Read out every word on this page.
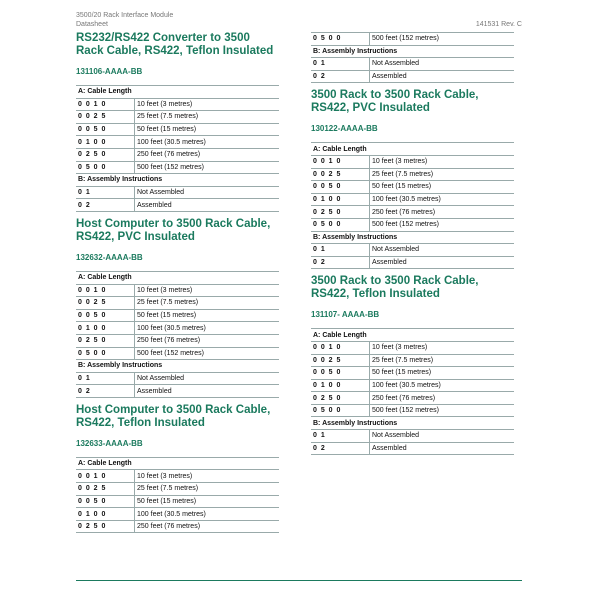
3500/20 Rack Interface Module
Datasheet	141531 Rev. C
RS232/RS422 Converter to 3500 Rack Cable, RS422, Teflon Insulated
131106-AAAA-BB
A: Cable Length	
0 0 1 0	10 feet (3 metres)
0 0 2 5	25 feet (7.5 metres)
0 0 5 0	50 feet (15 metres)
0 1 0 0	100 feet (30.5 metres)
0 2 5 0	250 feet (76 metres)
0 5 0 0	500 feet (152 metres)
B: Assembly Instructions	
0 1	Not Assembled
0 2	Assembled
Host Computer to 3500 Rack Cable, RS422, PVC Insulated
132632-AAAA-BB
A: Cable Length	
0 0 1 0	10 feet (3 metres)
0 0 2 5	25 feet (7.5 metres)
0 0 5 0	50 feet (15 metres)
0 1 0 0	100 feet (30.5 metres)
0 2 5 0	250 feet (76 metres)
0 5 0 0	500 feet (152 metres)
B: Assembly Instructions	
0 1	Not Assembled
0 2	Assembled
Host Computer to 3500 Rack Cable, RS422, Teflon Insulated
132633-AAAA-BB
A: Cable Length	
0 0 1 0	10 feet (3 metres)
0 0 2 5	25 feet (7.5 metres)
0 0 5 0	50 feet (15 metres)
0 1 0 0	100 feet (30.5 metres)
0 2 5 0	250 feet (76 metres)
0 5 0 0	500 feet (152 metres)
B: Assembly Instructions	
0 1	Not Assembled
0 2	Assembled
3500 Rack to 3500 Rack Cable, RS422, PVC Insulated
130122-AAAA-BB
A: Cable Length	
0 0 1 0	10 feet (3 metres)
0 0 2 5	25 feet (7.5 metres)
0 0 5 0	50 feet (15 metres)
0 1 0 0	100 feet (30.5 metres)
0 2 5 0	250 feet (76 metres)
0 5 0 0	500 feet (152 metres)
B: Assembly Instructions	
0 1	Not Assembled
0 2	Assembled
3500 Rack to 3500 Rack Cable, RS422, Teflon Insulated
131107- AAAA-BB
A: Cable Length	
0 0 1 0	10 feet (3 metres)
0 0 2 5	25 feet (7.5 metres)
0 0 5 0	50 feet (15 metres)
0 1 0 0	100 feet (30.5 metres)
0 2 5 0	250 feet (76 metres)
0 5 0 0	500 feet (152 metres)
B: Assembly Instructions	
0 1	Not Assembled
0 2	Assembled
